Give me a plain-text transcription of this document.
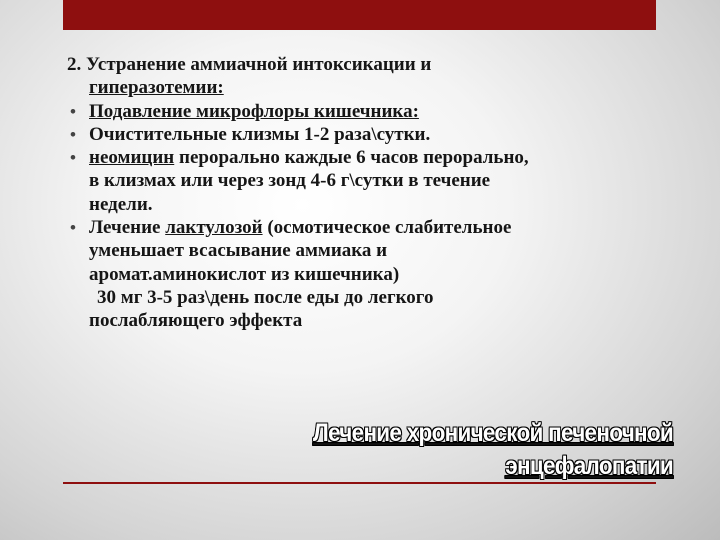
2. Устранение аммиачной интоксикации и
гиперазотемии:
• Подавление микрофлоры кишечника:
• Очистительные клизмы 1-2 раза\сутки.
• неомицин перорально каждые 6 часов перорально,
в клизмах или через зонд 4-6 г\сутки в течение
недели.
• Лечение лактулозой (осмотическое слабительное
уменьшает всасывание аммиака и
аромат.аминокислот из кишечника)
30 мг 3-5 раз\день после еды до легкого
послабляющего эффекта
Лечение хронической печеночной
энцефалопатии
